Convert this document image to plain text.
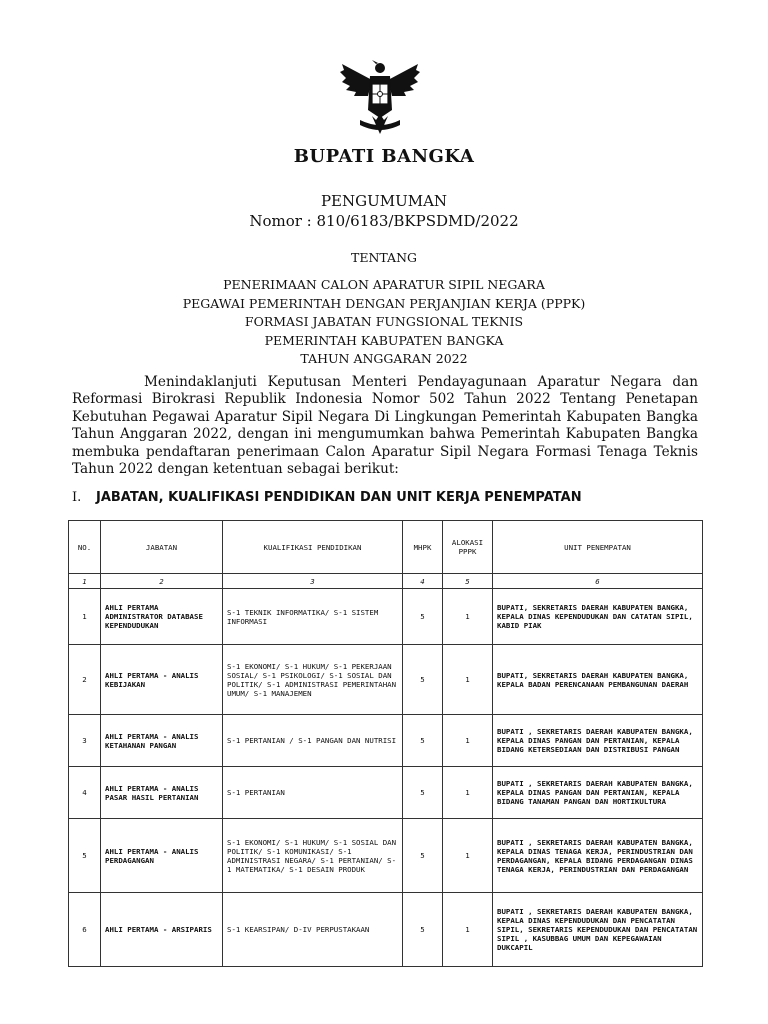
BUPATI BANGKA
PENGUMUMAN
Nomor : 810/6183/BKPSDMD/2022
TENTANG
PENERIMAAN CALON APARATUR SIPIL NEGARA
PEGAWAI PEMERINTAH DENGAN PERJANJIAN KERJA (PPPK)
FORMASI JABATAN FUNGSIONAL TEKNIS
PEMERINTAH KABUPATEN BANGKA
TAHUN ANGGARAN 2022
Menindaklanjuti Keputusan Menteri Pendayagunaan Aparatur Negara dan Reformasi Birokrasi Republik Indonesia Nomor 502 Tahun 2022 Tentang Penetapan Kebutuhan Pegawai Aparatur Sipil Negara Di Lingkungan Pemerintah Kabupaten Bangka Tahun Anggaran 2022, dengan ini mengumumkan bahwa Pemerintah Kabupaten Bangka membuka pendaftaran penerimaan Calon Aparatur Sipil Negara Formasi Tenaga Teknis Tahun 2022 dengan ketentuan sebagai berikut:
I. JABATAN, KUALIFIKASI PENDIDIKAN DAN UNIT KERJA PENEMPATAN
NO.	JABATAN	KUALIFIKASI PENDIDIKAN	MHPK	ALOKASI PPPK	UNIT PENEMPATAN
1	2	3	4	5	6
1	AHLI PERTAMA ADMINISTRATOR DATABASE KEPENDUDUKAN	S-1 TEKNIK INFORMATIKA/ S-1 SISTEM INFORMASI	5	1	BUPATI, SEKRETARIS DAERAH KABUPATEN BANGKA, KEPALA DINAS KEPENDUDUKAN DAN CATATAN SIPIL, KABID PIAK
2	AHLI PERTAMA - ANALIS KEBIJAKAN	S-1 EKONOMI/ S-1 HUKUM/ S-1 PEKERJAAN SOSIAL/ S-1 PSIKOLOGI/ S-1 SOSIAL DAN POLITIK/ S-1 ADMINISTRASI PEMERINTAHAN UMUM/ S-1 MANAJEMEN	5	1	BUPATI, SEKRETARIS DAERAH KABUPATEN BANGKA, KEPALA BADAN PERENCANAAN PEMBANGUNAN DAERAH
3	AHLI PERTAMA - ANALIS KETAHANAN PANGAN	S-1 PERTANIAN / S-1 PANGAN DAN NUTRISI	5	1	BUPATI , SEKRETARIS DAERAH KABUPATEN BANGKA, KEPALA DINAS PANGAN DAN PERTANIAN, KEPALA BIDANG KETERSEDIAAN DAN DISTRIBUSI PANGAN
4	AHLI PERTAMA - ANALIS PASAR HASIL PERTANIAN	S-1 PERTANIAN	5	1	BUPATI , SEKRETARIS DAERAH KABUPATEN BANGKA, KEPALA DINAS PANGAN DAN PERTANIAN, KEPALA BIDANG TANAMAN PANGAN DAN HORTIKULTURA
5	AHLI PERTAMA - ANALIS PERDAGANGAN	S-1 EKONOMI/ S-1 HUKUM/ S-1 SOSIAL DAN POLITIK/ S-1 KOMUNIKASI/ S-1 ADMINISTRASI NEGARA/ S-1 PERTANIAN/ S-1 MATEMATIKA/ S-1 DESAIN PRODUK	5	1	BUPATI , SEKRETARIS DAERAH KABUPATEN BANGKA, KEPALA DINAS TENAGA KERJA, PERINDUSTRIAN DAN PERDAGANGAN, KEPALA BIDANG PERDAGANGAN DINAS TENAGA KERJA, PERINDUSTRIAN DAN PERDAGANGAN
6	AHLI PERTAMA - ARSIPARIS	S-1 KEARSIPAN/ D-IV PERPUSTAKAAN	5	1	BUPATI , SEKRETARIS DAERAH KABUPATEN BANGKA, KEPALA DINAS KEPENDUDUKAN DAN PENCATATAN SIPIL, SEKRETARIS KEPENDUDUKAN DAN PENCATATAN SIPIL , KASUBBAG UMUM DAN KEPEGAWAIAN DUKCAPIL
